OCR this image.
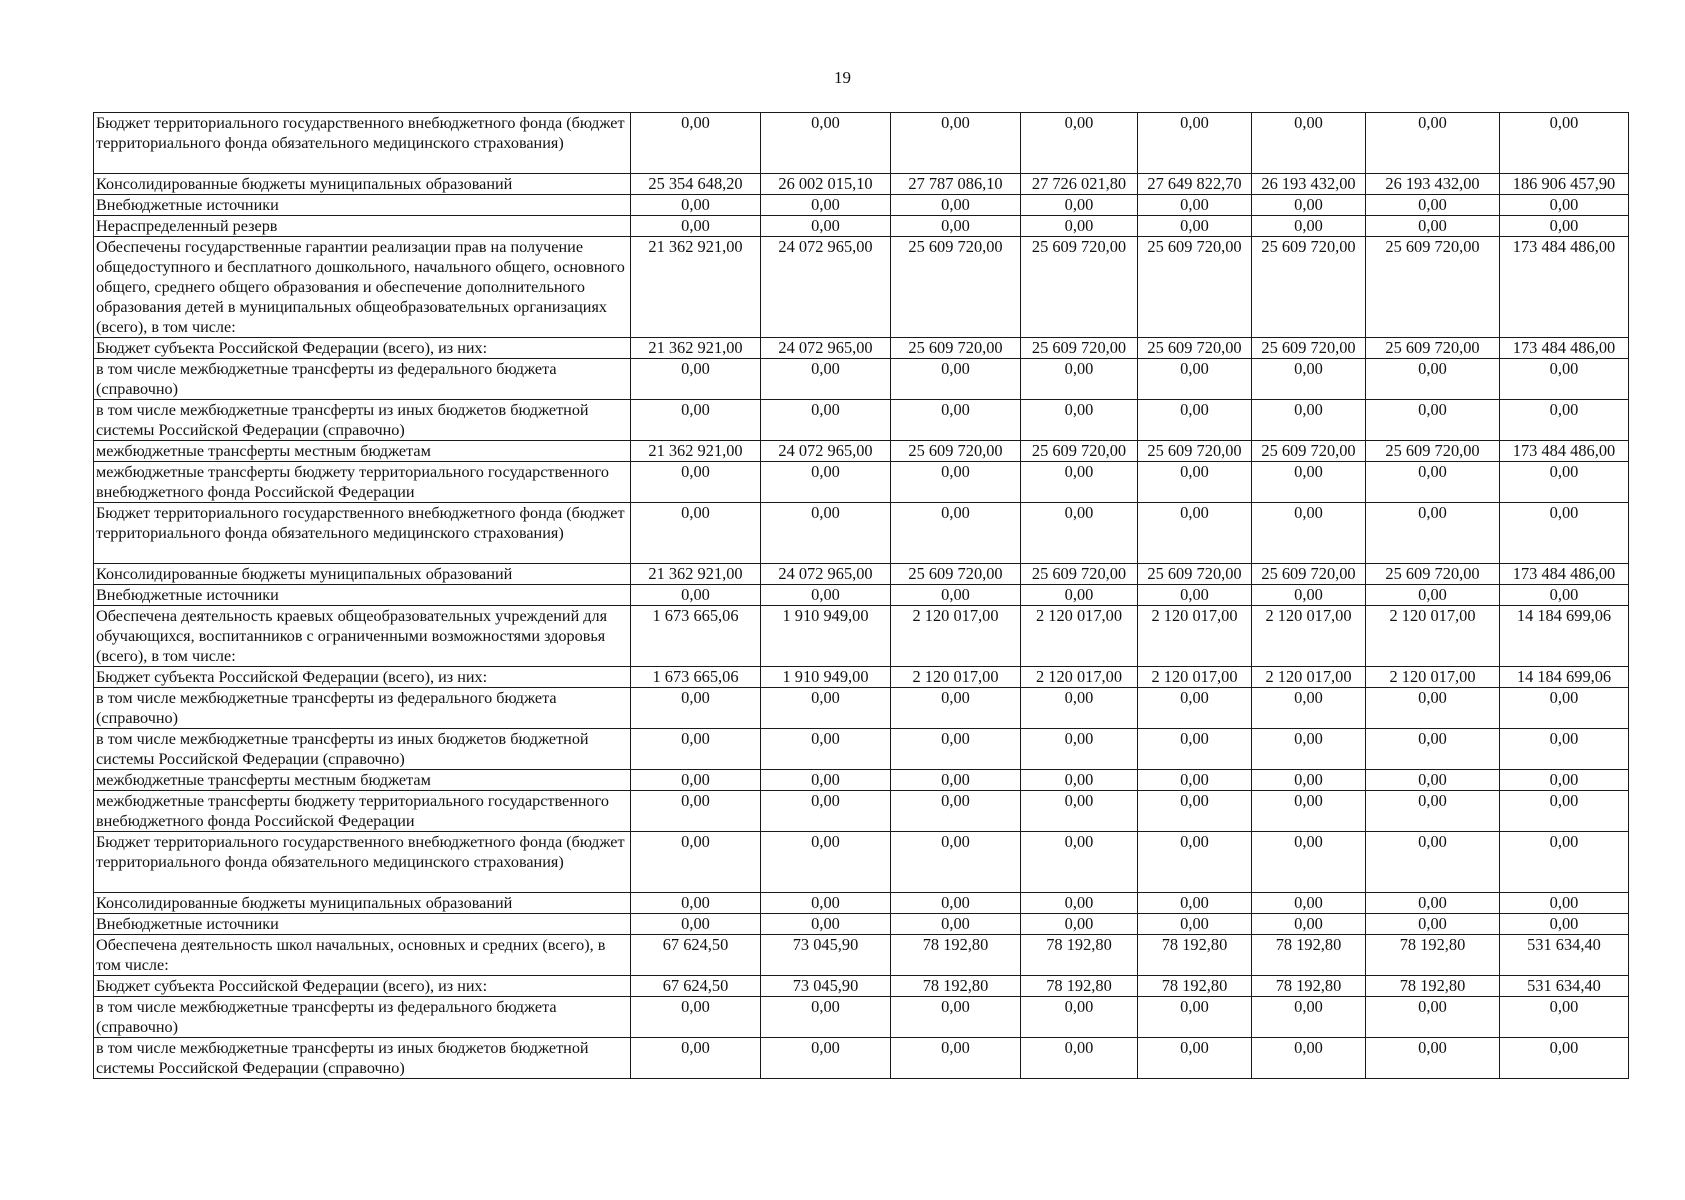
19
Бюджет территориального государственного внебюджетного фонда (бюджет территориального фонда обязательного медицинского страхования)	0,00	0,00	0,00	0,00	0,00	0,00	0,00	0,00
Консолидированные бюджеты муниципальных образований	25 354 648,20	26 002 015,10	27 787 086,10	27 726 021,80	27 649 822,70	26 193 432,00	26 193 432,00	186 906 457,90
Внебюджетные источники	0,00	0,00	0,00	0,00	0,00	0,00	0,00	0,00
Нераспределенный резерв	0,00	0,00	0,00	0,00	0,00	0,00	0,00	0,00
Обеспечены государственные гарантии реализации прав на получение общедоступного и бесплатного дошкольного, начального общего, основного общего, среднего общего образования и обеспечение дополнительного образования детей в муниципальных общеобразовательных организациях (всего), в том числе:	21 362 921,00	24 072 965,00	25 609 720,00	25 609 720,00	25 609 720,00	25 609 720,00	25 609 720,00	173 484 486,00
Бюджет субъекта Российской Федерации (всего), из них:	21 362 921,00	24 072 965,00	25 609 720,00	25 609 720,00	25 609 720,00	25 609 720,00	25 609 720,00	173 484 486,00
в том числе межбюджетные трансферты из федерального бюджета (справочно)	0,00	0,00	0,00	0,00	0,00	0,00	0,00	0,00
в том числе межбюджетные трансферты из иных бюджетов бюджетной системы Российской Федерации (справочно)	0,00	0,00	0,00	0,00	0,00	0,00	0,00	0,00
межбюджетные трансферты местным бюджетам	21 362 921,00	24 072 965,00	25 609 720,00	25 609 720,00	25 609 720,00	25 609 720,00	25 609 720,00	173 484 486,00
межбюджетные трансферты бюджету территориального государственного внебюджетного фонда Российской Федерации	0,00	0,00	0,00	0,00	0,00	0,00	0,00	0,00
Бюджет территориального государственного внебюджетного фонда (бюджет территориального фонда обязательного медицинского страхования)	0,00	0,00	0,00	0,00	0,00	0,00	0,00	0,00
Консолидированные бюджеты муниципальных образований	21 362 921,00	24 072 965,00	25 609 720,00	25 609 720,00	25 609 720,00	25 609 720,00	25 609 720,00	173 484 486,00
Внебюджетные источники	0,00	0,00	0,00	0,00	0,00	0,00	0,00	0,00
Обеспечена деятельность краевых общеобразовательных учреждений для обучающихся, воспитанников с ограниченными возможностями здоровья (всего), в том числе:	1 673 665,06	1 910 949,00	2 120 017,00	2 120 017,00	2 120 017,00	2 120 017,00	2 120 017,00	14 184 699,06
Бюджет субъекта Российской Федерации (всего), из них:	1 673 665,06	1 910 949,00	2 120 017,00	2 120 017,00	2 120 017,00	2 120 017,00	2 120 017,00	14 184 699,06
в том числе межбюджетные трансферты из федерального бюджета (справочно)	0,00	0,00	0,00	0,00	0,00	0,00	0,00	0,00
в том числе межбюджетные трансферты из иных бюджетов бюджетной системы Российской Федерации (справочно)	0,00	0,00	0,00	0,00	0,00	0,00	0,00	0,00
межбюджетные трансферты местным бюджетам	0,00	0,00	0,00	0,00	0,00	0,00	0,00	0,00
межбюджетные трансферты бюджету территориального государственного внебюджетного фонда Российской Федерации	0,00	0,00	0,00	0,00	0,00	0,00	0,00	0,00
Бюджет территориального государственного внебюджетного фонда (бюджет территориального фонда обязательного медицинского страхования)	0,00	0,00	0,00	0,00	0,00	0,00	0,00	0,00
Консолидированные бюджеты муниципальных образований	0,00	0,00	0,00	0,00	0,00	0,00	0,00	0,00
Внебюджетные источники	0,00	0,00	0,00	0,00	0,00	0,00	0,00	0,00
Обеспечена деятельность школ начальных, основных и средних (всего), в том числе:	67 624,50	73 045,90	78 192,80	78 192,80	78 192,80	78 192,80	78 192,80	531 634,40
Бюджет субъекта Российской Федерации (всего), из них:	67 624,50	73 045,90	78 192,80	78 192,80	78 192,80	78 192,80	78 192,80	531 634,40
в том числе межбюджетные трансферты из федерального бюджета (справочно)	0,00	0,00	0,00	0,00	0,00	0,00	0,00	0,00
в том числе межбюджетные трансферты из иных бюджетов бюджетной системы Российской Федерации (справочно)	0,00	0,00	0,00	0,00	0,00	0,00	0,00	0,00
